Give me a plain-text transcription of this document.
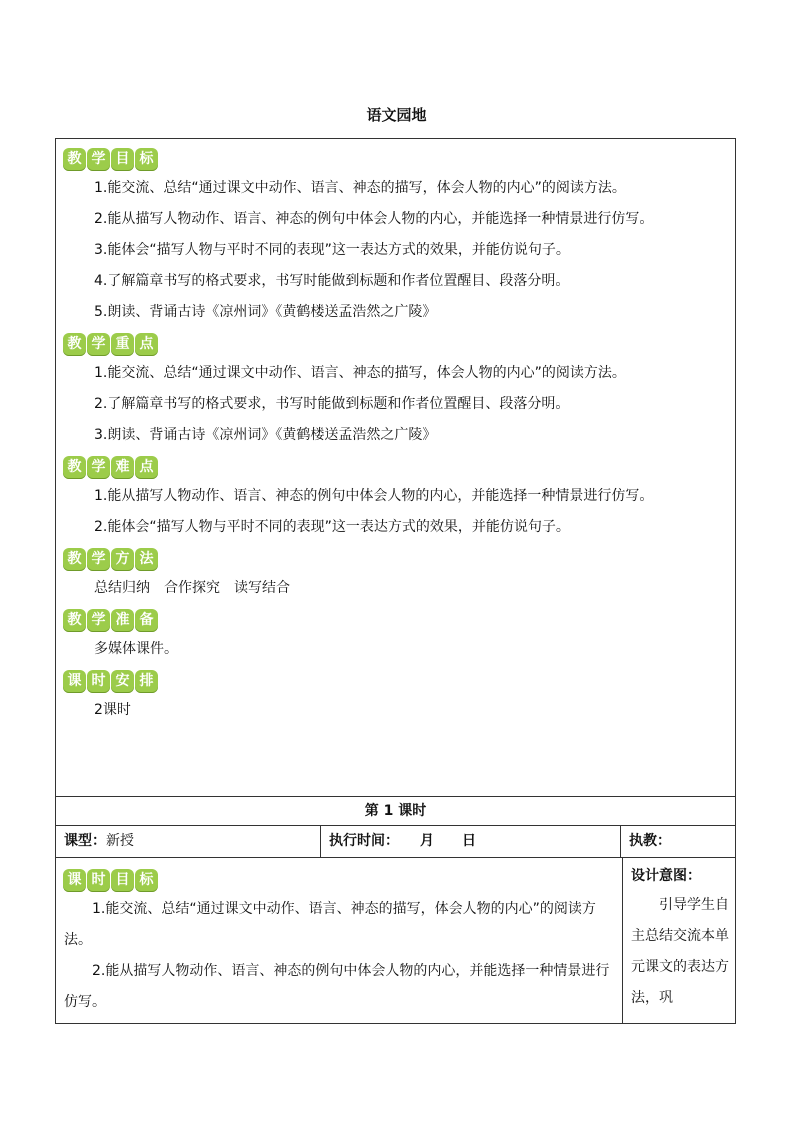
语文园地
教 学 目 标
1.能交流、总结“通过课文中动作、语言、神态的描写，体会人物的内心”的阅读方法。
2.能从描写人物动作、语言、神态的例句中体会人物的内心，并能选择一种情景进行仿写。
3.能体会“描写人物与平时不同的表现”这一表达方式的效果，并能仿说句子。
4.了解篇章书写的格式要求，书写时能做到标题和作者位置醒目、段落分明。
5.朗读、背诵古诗《凉州词》《黄鹤楼送孟浩然之广陵》
教 学 重 点
1.能交流、总结“通过课文中动作、语言、神态的描写，体会人物的内心”的阅读方法。
2.了解篇章书写的格式要求，书写时能做到标题和作者位置醒目、段落分明。
3.朗读、背诵古诗《凉州词》《黄鹤楼送孟浩然之广陵》
教 学 难 点
1.能从描写人物动作、语言、神态的例句中体会人物的内心，并能选择一种情景进行仿写。
2.能体会“描写人物与平时不同的表现”这一表达方式的效果，并能仿说句子。
教 学 方 法
总结归纳　合作探究　读写结合
教 学 准 备
多媒体课件。
课 时 安 排
2课时
第 1 课时
课型：新授	执行时间：　　月　　日	执教：
课 时 目 标
1.能交流、总结“通过课文中动作、语言、神态的描写，体会人物的内心”的阅读方法。
2.能从描写人物动作、语言、神态的例句中体会人物的内心，并能选择一种情景进行仿写。
设计意图：
引导学生自主总结交流本单元课文的表达方法，巩
